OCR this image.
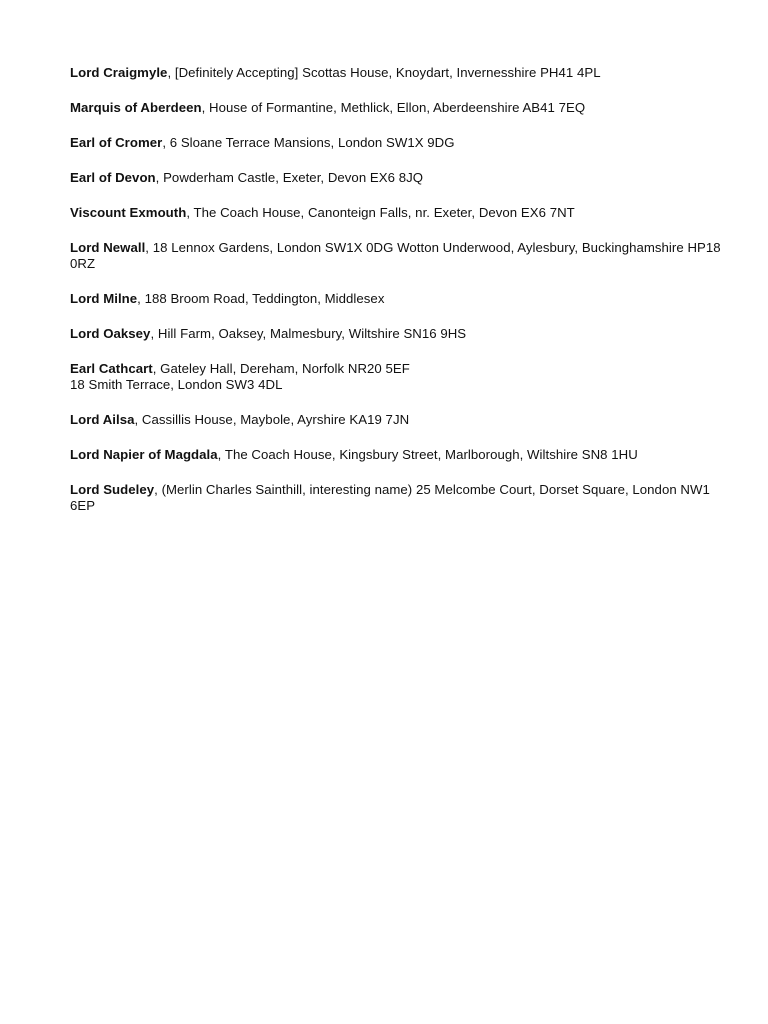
Lord Craigmyle, [Definitely Accepting] Scottas House, Knoydart, Invernesshire PH41 4PL

Marquis of Aberdeen, House of Formantine, Methlick, Ellon, Aberdeenshire AB41 7EQ

Earl of Cromer, 6 Sloane Terrace Mansions, London SW1X 9DG

Earl of Devon, Powderham Castle, Exeter, Devon EX6 8JQ

Viscount Exmouth, The Coach House, Canonteign Falls, nr. Exeter, Devon EX6 7NT

Lord Newall, 18 Lennox Gardens, London SW1X 0DG Wotton Underwood, Aylesbury, Buckinghamshire HP18 0RZ

Lord Milne, 188 Broom Road, Teddington, Middlesex

Lord Oaksey, Hill Farm, Oaksey, Malmesbury, Wiltshire SN16 9HS

Earl Cathcart, Gateley Hall, Dereham, Norfolk NR20 5EF
18 Smith Terrace, London SW3 4DL

Lord Ailsa, Cassillis House, Maybole, Ayrshire KA19 7JN

Lord Napier of Magdala, The Coach House, Kingsbury Street, Marlborough, Wiltshire SN8 1HU

Lord Sudeley, (Merlin Charles Sainthill, interesting name) 25 Melcombe Court, Dorset Square, London NW1 6EP
